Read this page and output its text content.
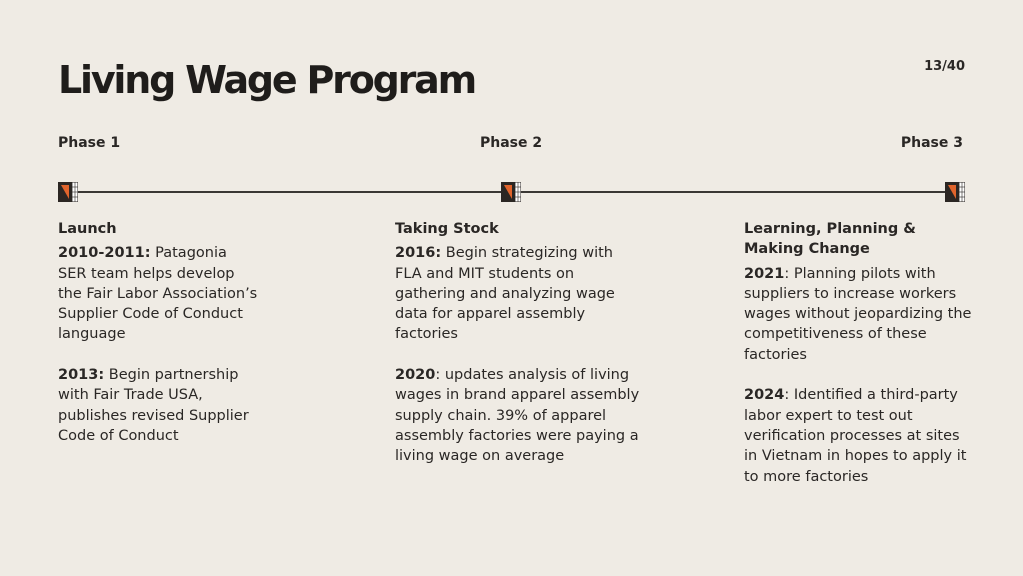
Living Wage Program	13/40
Phase 1	Phase 2	Phase 3
Launch

2010-2011: Patagonia SER team helps develop the Fair Labor Association’s Supplier Code of Conduct language

2013: Begin partnership with Fair Trade USA, publishes revised Supplier Code of Conduct

Taking Stock

2016: Begin strategizing with FLA and MIT students on gathering and analyzing wage data for apparel assembly factories

2020: updates analysis of living wages in brand apparel assembly supply chain. 39% of apparel assembly factories were paying a living wage on average

Learning, Planning & Making Change

2021: Planning pilots with suppliers to increase workers wages without jeopardizing the competitiveness of these factories

2024: Identified a third-party labor expert to test out verification processes at sites in Vietnam in hopes to apply it to more factories
